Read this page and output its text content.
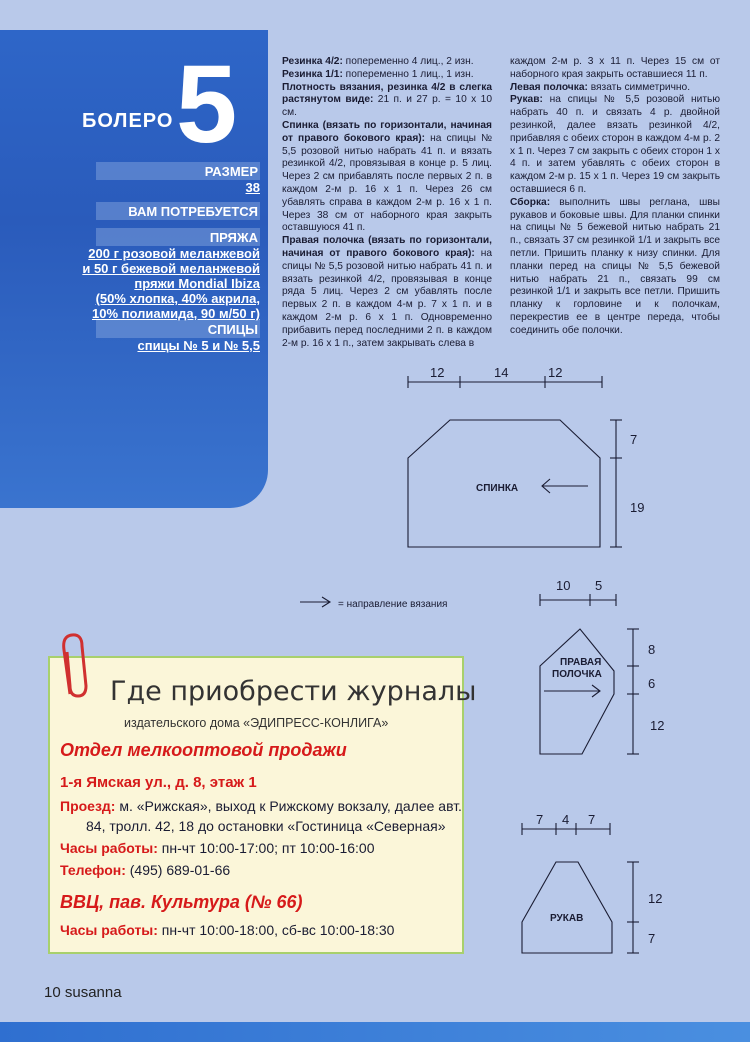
БОЛЕРО 5
РАЗМЕР
38
ВАМ ПОТРЕБУЕТСЯ
ПРЯЖА
200 г розовой меланжевой
и 50 г бежевой меланжевой
пряжи Mondial Ibiza
(50% хлопка, 40% акрила,
10% полиамида, 90 м/50 г)
СПИЦЫ
спицы № 5 и № 5,5

Резинка 4/2: попеременно 4 лиц., 2 изн.

Резинка 1/1: попеременно 1 лиц., 1 изн.

Плотность вязания, резинка 4/2 в слегка растянутом виде: 21 п. и 27 р. = 10 х 10 см.

Спинка (вязать по горизонтали, начиная от правого бокового края): на спицы № 5,5 розовой нитью набрать 41 п. и вязать резинкой 4/2, провязывая в конце р. 5 лиц. Через 2 см прибавлять после первых 2 п. в каждом 2-м р. 16 х 1 п. Через 26 см убавлять справа в каждом 2-м р. 16 х 1 п. Через 38 см от наборного края закрыть оставшуюся 41 п.

Правая полочка (вязать по горизонтали, начиная от правого бокового края): на спицы № 5,5 розовой нитью набрать 41 п. и вязать резинкой 4/2, провязывая в конце ряда 5 лиц. Через 2 см убавлять после первых 2 п. в каждом 4-м р. 7 х 1 п. и в каждом 2-м р. 6 х 1 п. Одновременно прибавить перед последними 2 п. в каждом 2-м р. 16 х 1 п., затем закрывать слева в

каждом 2-м р. 3 х 11 п. Через 15 см от наборного края закрыть оставшиеся 11 п.

Левая полочка: вязать симметрично.

Рукав: на спицы № 5,5 розовой нитью набрать 40 п. и связать 4 р. двойной резинкой, далее вязать резинкой 4/2, прибавляя с обеих сторон в каждом 4-м р. 2 х 1 п. Через 7 см закрыть с обеих сторон 1 х 4 п. и затем убавлять с обеих сторон в каждом 2-м р. 15 х 1 п. Через 19 см закрыть оставшиеся 6 п.

Сборка: выполнить швы реглана, швы рукавов и боковые швы. Для планки спинки на спицы № 5 бежевой нитью набрать 21 п., связать 37 см резинкой 1/1 и закрыть все петли. Пришить планку к низу спинки. Для планки перед на спицы № 5,5 бежевой нитью набрать 21 п., связать 99 см резинкой 1/1 и закрыть все петли. Пришить планку к горловине и к полочкам, перекрестив ее в центре переда, чтобы соединить обе полочки.

12	14	12
7
19
10 5
8
6
12
7 4 7
12
7
СПИНКА
ПРАВАЯ
ПОЛОЧКА
РУКАВ
= направление вязания
Где приобрести журналы
издательского дома «ЭДИПРЕСС-КОНЛИГА»
Отдел мелкооптовой продажи
1-я Ямская ул., д. 8, этаж 1
Проезд: м. «Рижская», выход к Рижскому вокзалу, далее авт.
84, тролл. 42, 18 до остановки «Гостиница «Северная»
Часы работы: пн-чт 10:00-17:00; пт 10:00-16:00
Телефон: (495) 689-01-66
ВВЦ, пав. Культура (№ 66)
Часы работы: пн-чт 10:00-18:00, сб-вс 10:00-18:30
10 susanna
